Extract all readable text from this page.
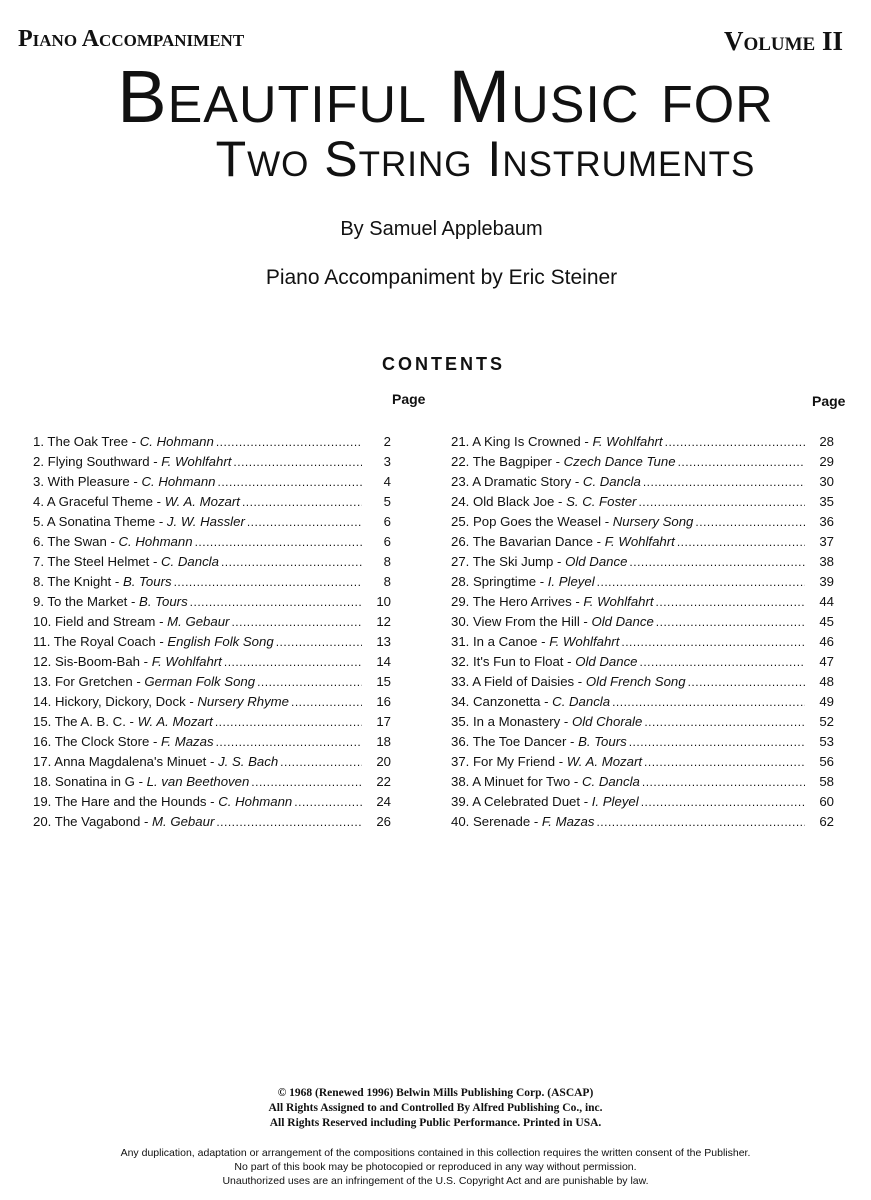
Piano Accompaniment	Volume II
Beautiful Music for
Two String Instruments
By Samuel Applebaum
Piano Accompaniment by Eric Steiner
CONTENTS
Page	Page
1. The Oak Tree - C. Hohmann .....	2
2. Flying Southward - F. Wohlfahrt .....	3
3. With Pleasure - C. Hohmann .....	4
4. A Graceful Theme - W. A. Mozart .....	5
5. A Sonatina Theme - J. W. Hassler .....	6
6. The Swan - C. Hohmann .....	6
7. The Steel Helmet - C. Dancla .....	8
8. The Knight - B. Tours .....	8
9. To the Market - B. Tours .....	10
10. Field and Stream - M. Gebaur .....	12
11. The Royal Coach - English Folk Song .....	13
12. Sis-Boom-Bah - F. Wohlfahrt .....	14
13. For Gretchen - German Folk Song .....	15
14. Hickory, Dickory, Dock - Nursery Rhyme .....	16
15. The A. B. C. - W. A. Mozart .....	17
16. The Clock Store - F. Mazas .....	18
17. Anna Magdalena's Minuet - J. S. Bach .....	20
18. Sonatina in G - L. van Beethoven .....	22
19. The Hare and the Hounds - C. Hohmann .....	24
20. The Vagabond - M. Gebaur .....	26
21. A King Is Crowned - F. Wohlfahrt .....	28
22. The Bagpiper - Czech Dance Tune .....	29
23. A Dramatic Story - C. Dancla .....	30
24. Old Black Joe - S. C. Foster .....	35
25. Pop Goes the Weasel - Nursery Song .....	36
26. The Bavarian Dance - F. Wohlfahrt .....	37
27. The Ski Jump - Old Dance .....	38
28. Springtime - I. Pleyel .....	39
29. The Hero Arrives - F. Wohlfahrt .....	44
30. View From the Hill - Old Dance .....	45
31. In a Canoe - F. Wohlfahrt .....	46
32. It's Fun to Float - Old Dance .....	47
33. A Field of Daisies - Old French Song .....	48
34. Canzonetta - C. Dancla .....	49
35. In a Monastery - Old Chorale .....	52
36. The Toe Dancer - B. Tours .....	53
37. For My Friend - W. A. Mozart .....	56
38. A Minuet for Two - C. Dancla .....	58
39. A Celebrated Duet - I. Pleyel .....	60
40. Serenade - F. Mazas .....	62
© 1968 (Renewed 1996) Belwin Mills Publishing Corp. (ASCAP)
All Rights Assigned to and Controlled By Alfred Publishing Co., inc.
All Rights Reserved including Public Performance. Printed in USA.
Any duplication, adaptation or arrangement of the compositions contained in this collection requires the written consent of the Publisher.
No part of this book may be photocopied or reproduced in any way without permission.
Unauthorized uses are an infringement of the U.S. Copyright Act and are punishable by law.
